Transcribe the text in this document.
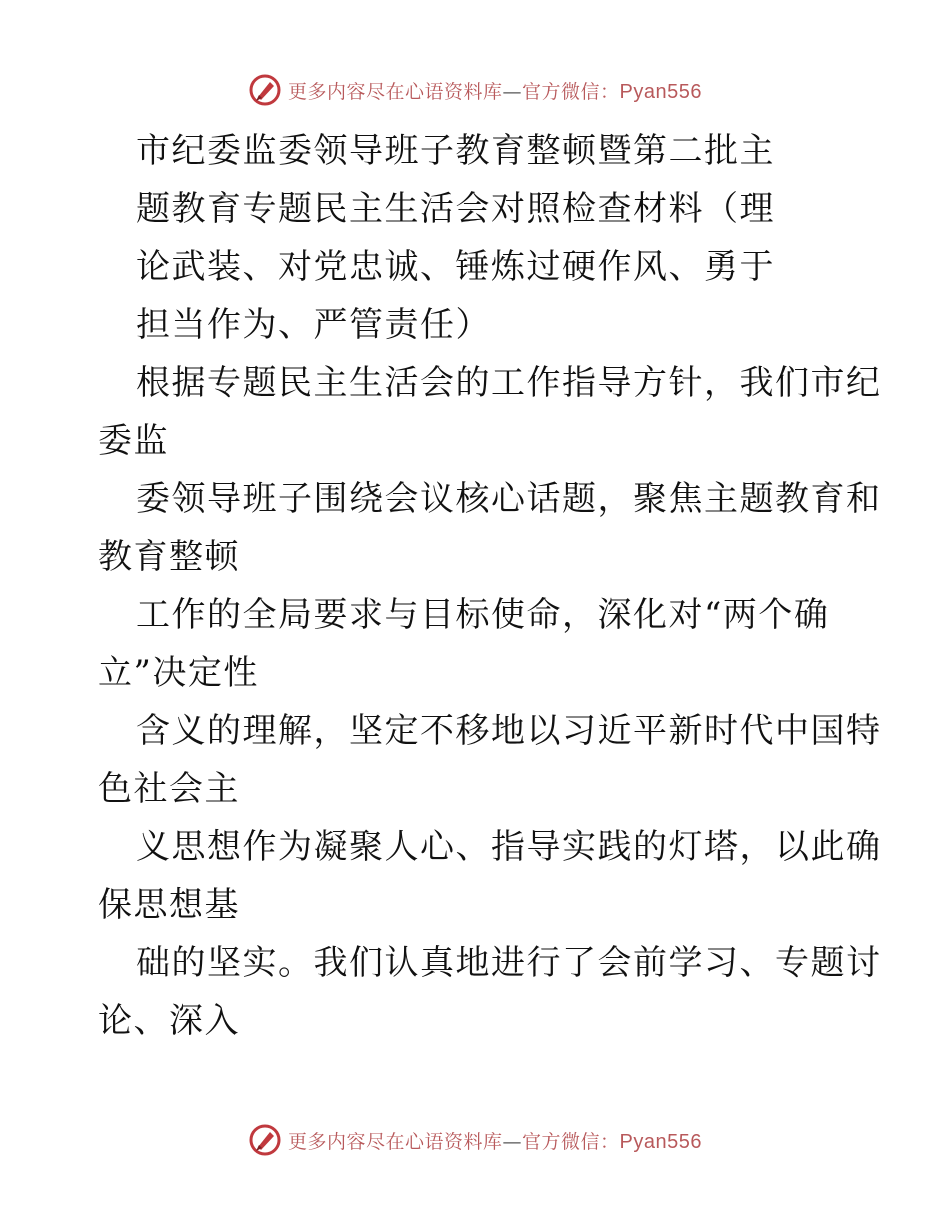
更多内容尽在心语资料库—官方微信：Pyan556
市纪委监委领导班子教育整顿暨第二批主
题教育专题民主生活会对照检查材料（理
论武装、对党忠诚、锤炼过硬作风、勇于
担当作为、严管责任）
根据专题民主生活会的工作指导方针，我们市纪
委监
委领导班子围绕会议核心话题，聚焦主题教育和
教育整顿
工作的全局要求与目标使命，深化对“两个确
立”决定性
含义的理解，坚定不移地以习近平新时代中国特
色社会主
义思想作为凝聚人心、指导实践的灯塔，以此确
保思想基
础的坚实。我们认真地进行了会前学习、专题讨
论、深入
更多内容尽在心语资料库—官方微信：Pyan556
